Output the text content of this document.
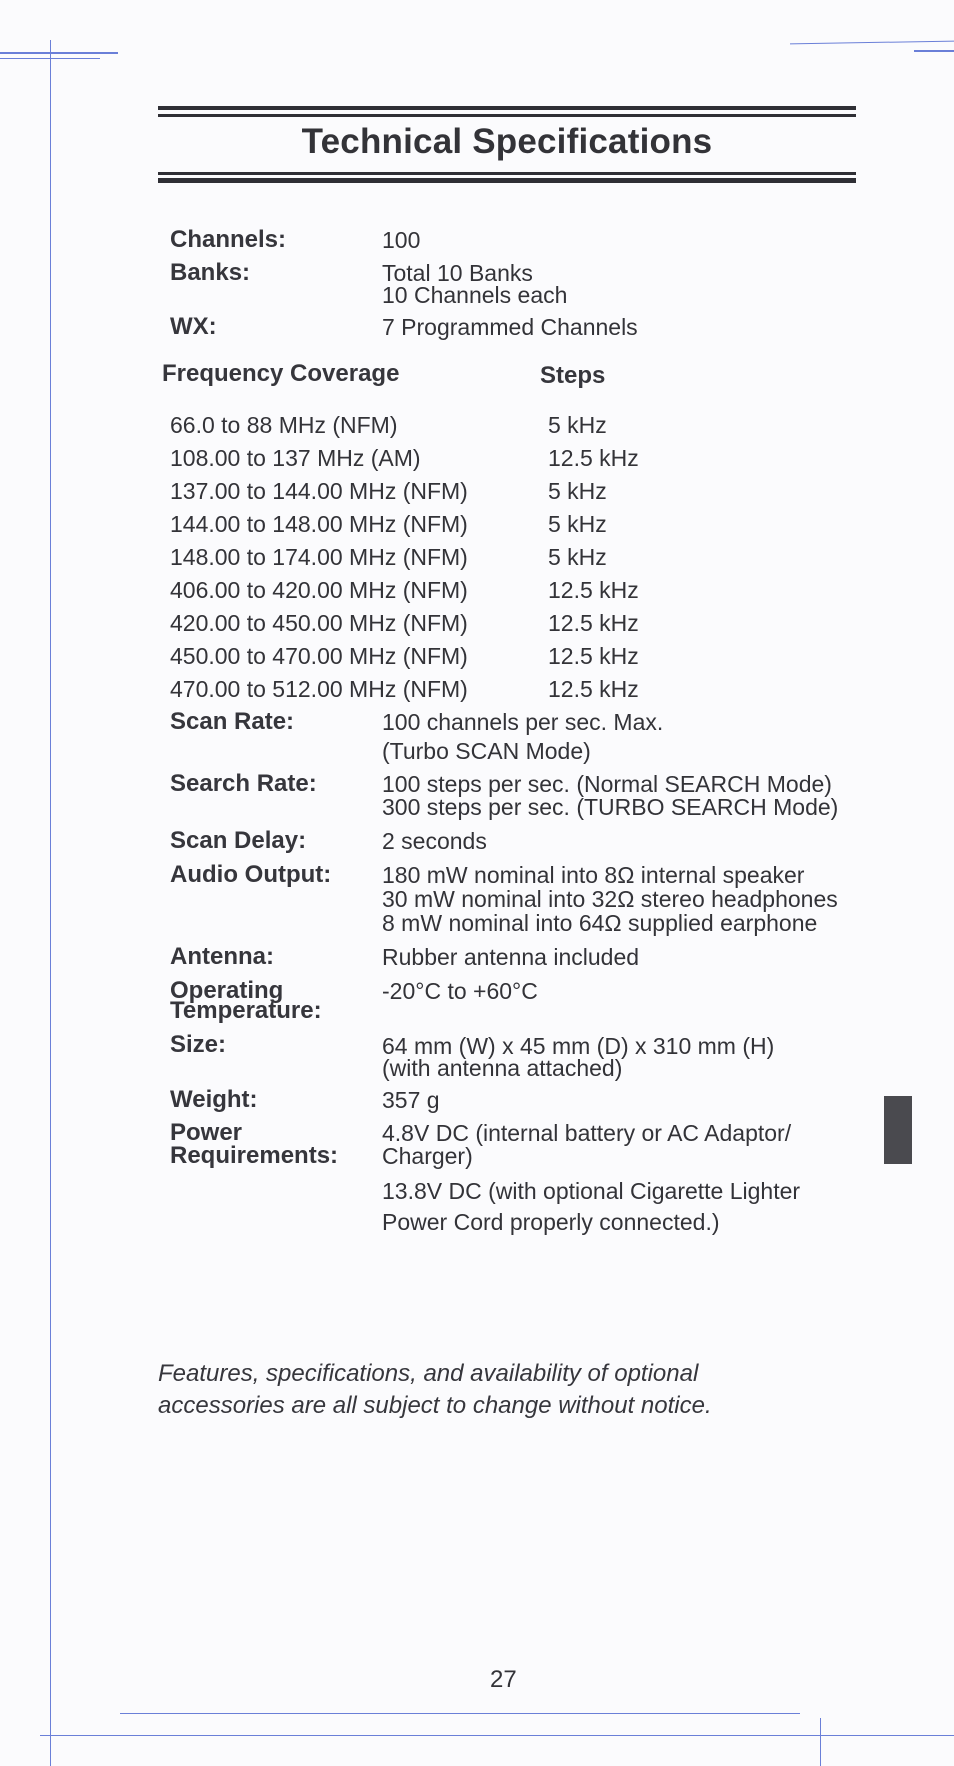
Technical Specifications
Channels:	100
Banks:	Total 10 Banks
10 Channels each
WX:	7 Programmed Channels
Frequency Coverage	Steps
66.0 to 88 MHz (NFM)	5 kHz
108.00 to 137 MHz (AM)	12.5 kHz
137.00 to 144.00 MHz (NFM)	5 kHz
144.00 to 148.00 MHz (NFM)	5 kHz
148.00 to 174.00 MHz (NFM)	5 kHz
406.00 to 420.00 MHz (NFM)	12.5 kHz
420.00 to 450.00 MHz (NFM)	12.5 kHz
450.00 to 470.00 MHz (NFM)	12.5 kHz
470.00 to 512.00 MHz (NFM)	12.5 kHz
Scan Rate:	100 channels per sec. Max.
(Turbo SCAN Mode)
Search Rate:	100 steps per sec. (Normal SEARCH Mode)
300 steps per sec. (TURBO SEARCH Mode)
Scan Delay:	2 seconds
Audio Output: 180 mW nominal into 8Ω internal speaker
30 mW nominal into 32Ω stereo headphones
8 mW nominal into 64Ω supplied earphone
Antenna:	Rubber antenna included
Operating
Temperature:
-20°C to +60°C
Size:	64 mm (W) x 45 mm (D) x 310 mm (H)
(with antenna attached)
Weight:	357 g
Power
Requirements:
4.8V DC (internal battery or AC Adaptor/
Charger)
13.8V DC (with optional Cigarette Lighter
Power Cord properly connected.)
Features, specifications, and availability of optional
accessories are all subject to change without notice.
27
